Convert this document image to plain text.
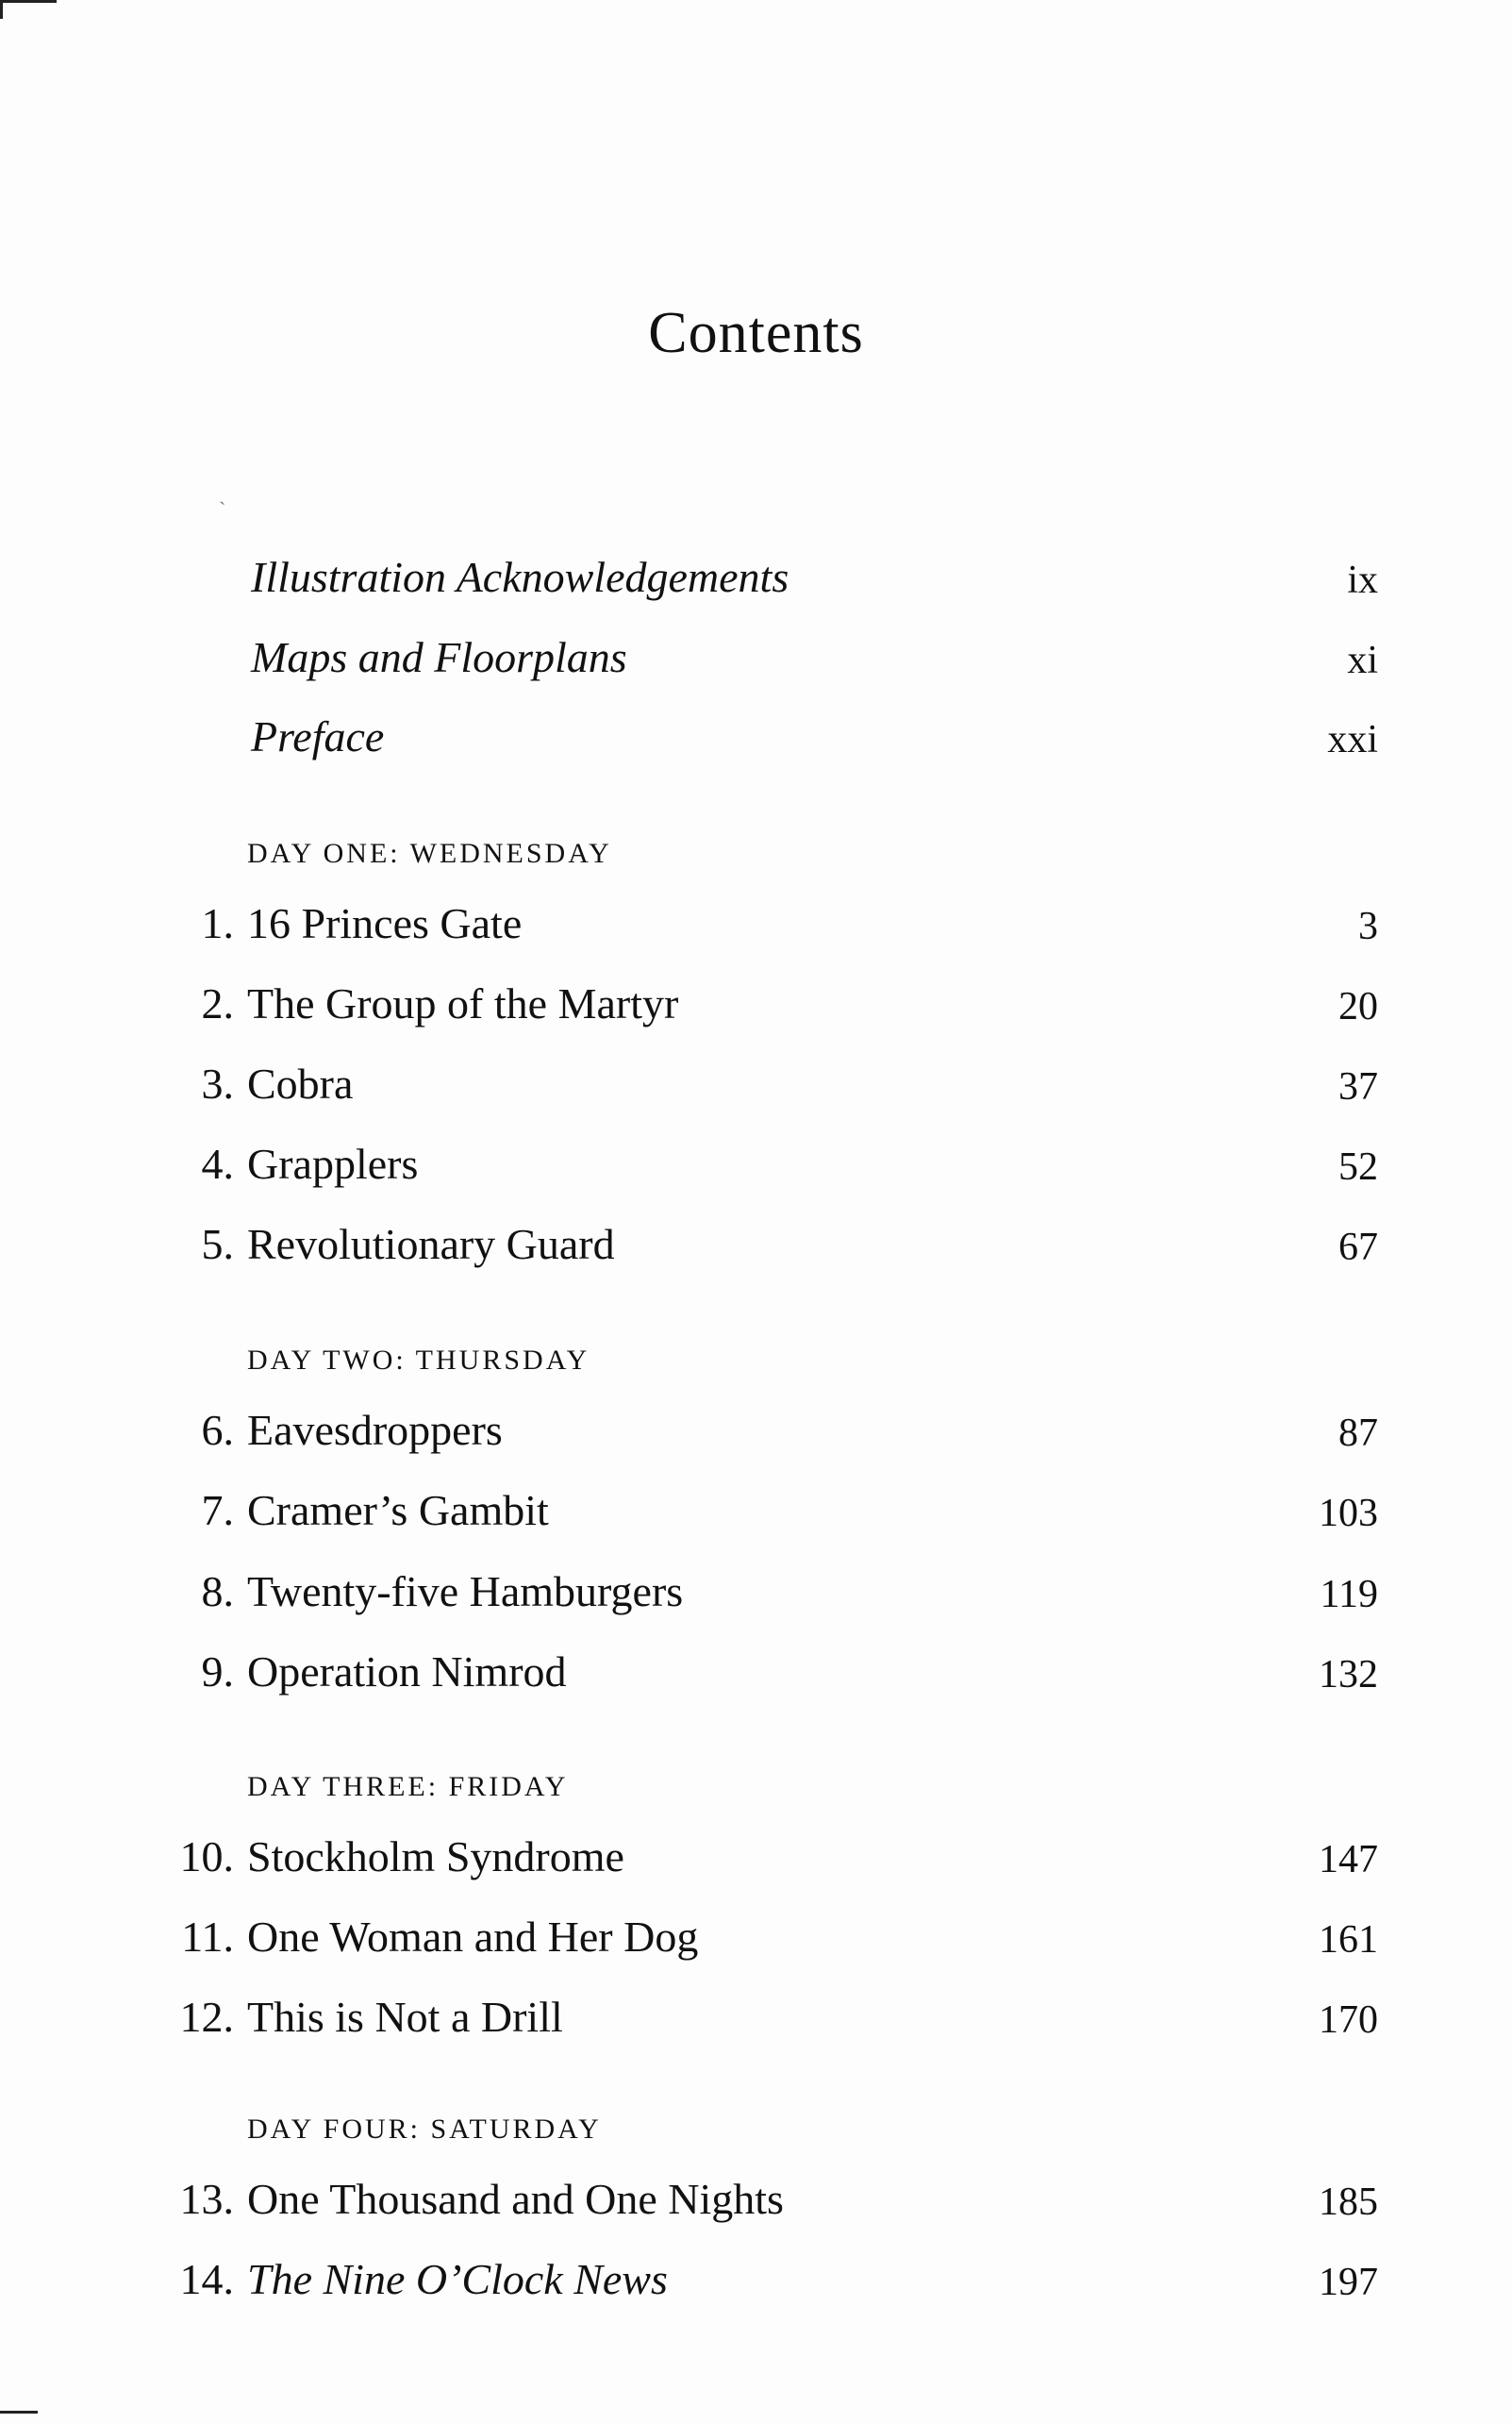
Contents
ˏ
Illustration Acknowledgements	ix
Maps and Floorplans	xi
Preface	xxi
DAY ONE: WEDNESDAY
1. 16 Princes Gate	3
2. The Group of the Martyr	20
3. Cobra	37
4. Grapplers	52
5. Revolutionary Guard	67
DAY TWO: THURSDAY
6. Eavesdroppers	87
7. Cramer’s Gambit	103
8. Twenty-five Hamburgers	119
9. Operation Nimrod	132
DAY THREE: FRIDAY
10. Stockholm Syndrome	147
11. One Woman and Her Dog	161
12. This is Not a Drill	170
DAY FOUR: SATURDAY
13. One Thousand and One Nights	185
14. The Nine O’Clock News	197
